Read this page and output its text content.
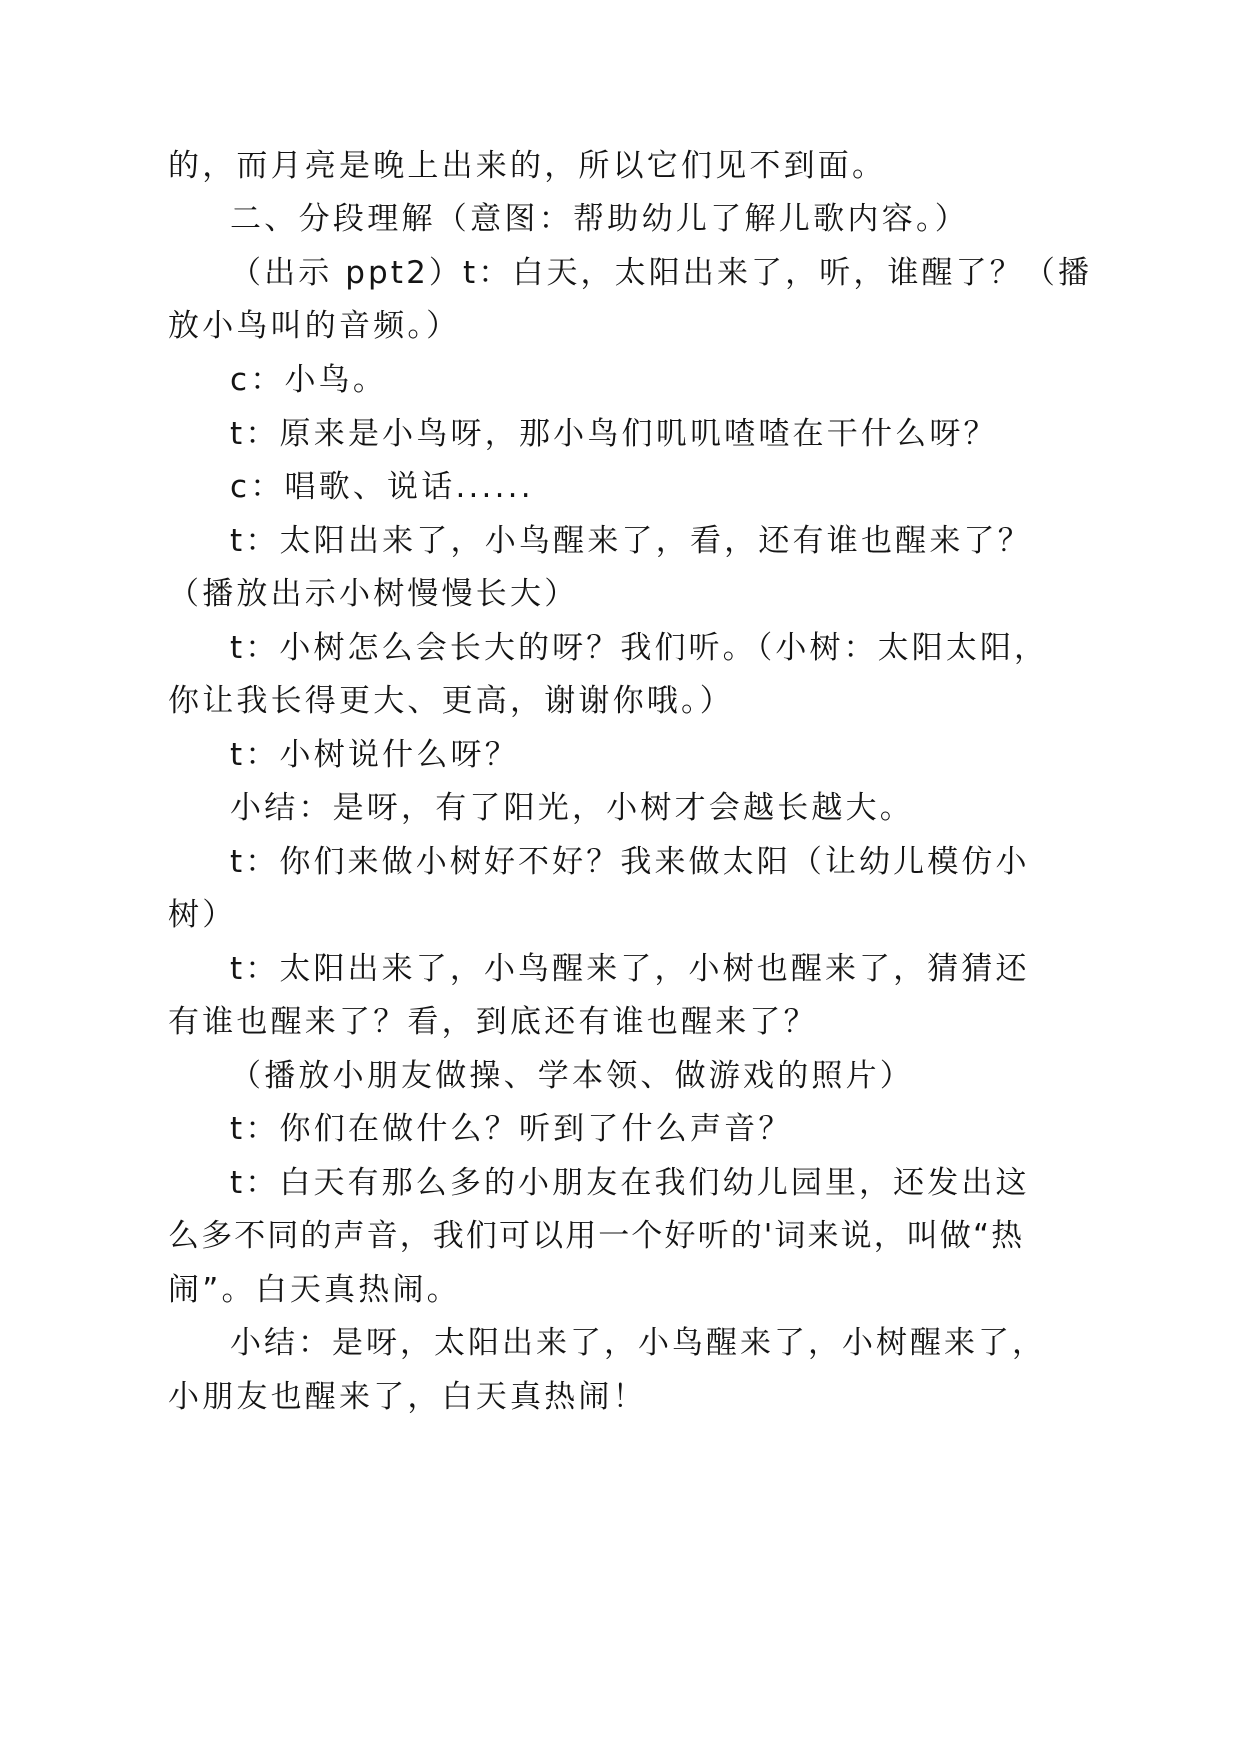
的，而月亮是晚上出来的，所以它们见不到面。
二、分段理解（意图：帮助幼儿了解儿歌内容。）
（出示 ppt2）t：白天，太阳出来了，听，谁醒了？（播
放小鸟叫的音频。）
c：小鸟。
t：原来是小鸟呀，那小鸟们叽叽喳喳在干什么呀？
c：唱歌、说话......
t：太阳出来了，小鸟醒来了，看，还有谁也醒来了？
（播放出示小树慢慢长大）
t：小树怎么会长大的呀？我们听。（小树：太阳太阳，
你让我长得更大、更高，谢谢你哦。）
t：小树说什么呀？
小结：是呀，有了阳光，小树才会越长越大。
t：你们来做小树好不好？我来做太阳（让幼儿模仿小
树）
t：太阳出来了，小鸟醒来了，小树也醒来了，猜猜还
有谁也醒来了？看，到底还有谁也醒来了？
（播放小朋友做操、学本领、做游戏的照片）
t：你们在做什么？听到了什么声音？
t：白天有那么多的小朋友在我们幼儿园里，还发出这
么多不同的声音，我们可以用一个好听的'词来说，叫做“热
闹”。白天真热闹。
小结：是呀，太阳出来了，小鸟醒来了，小树醒来了，
小朋友也醒来了，白天真热闹！
